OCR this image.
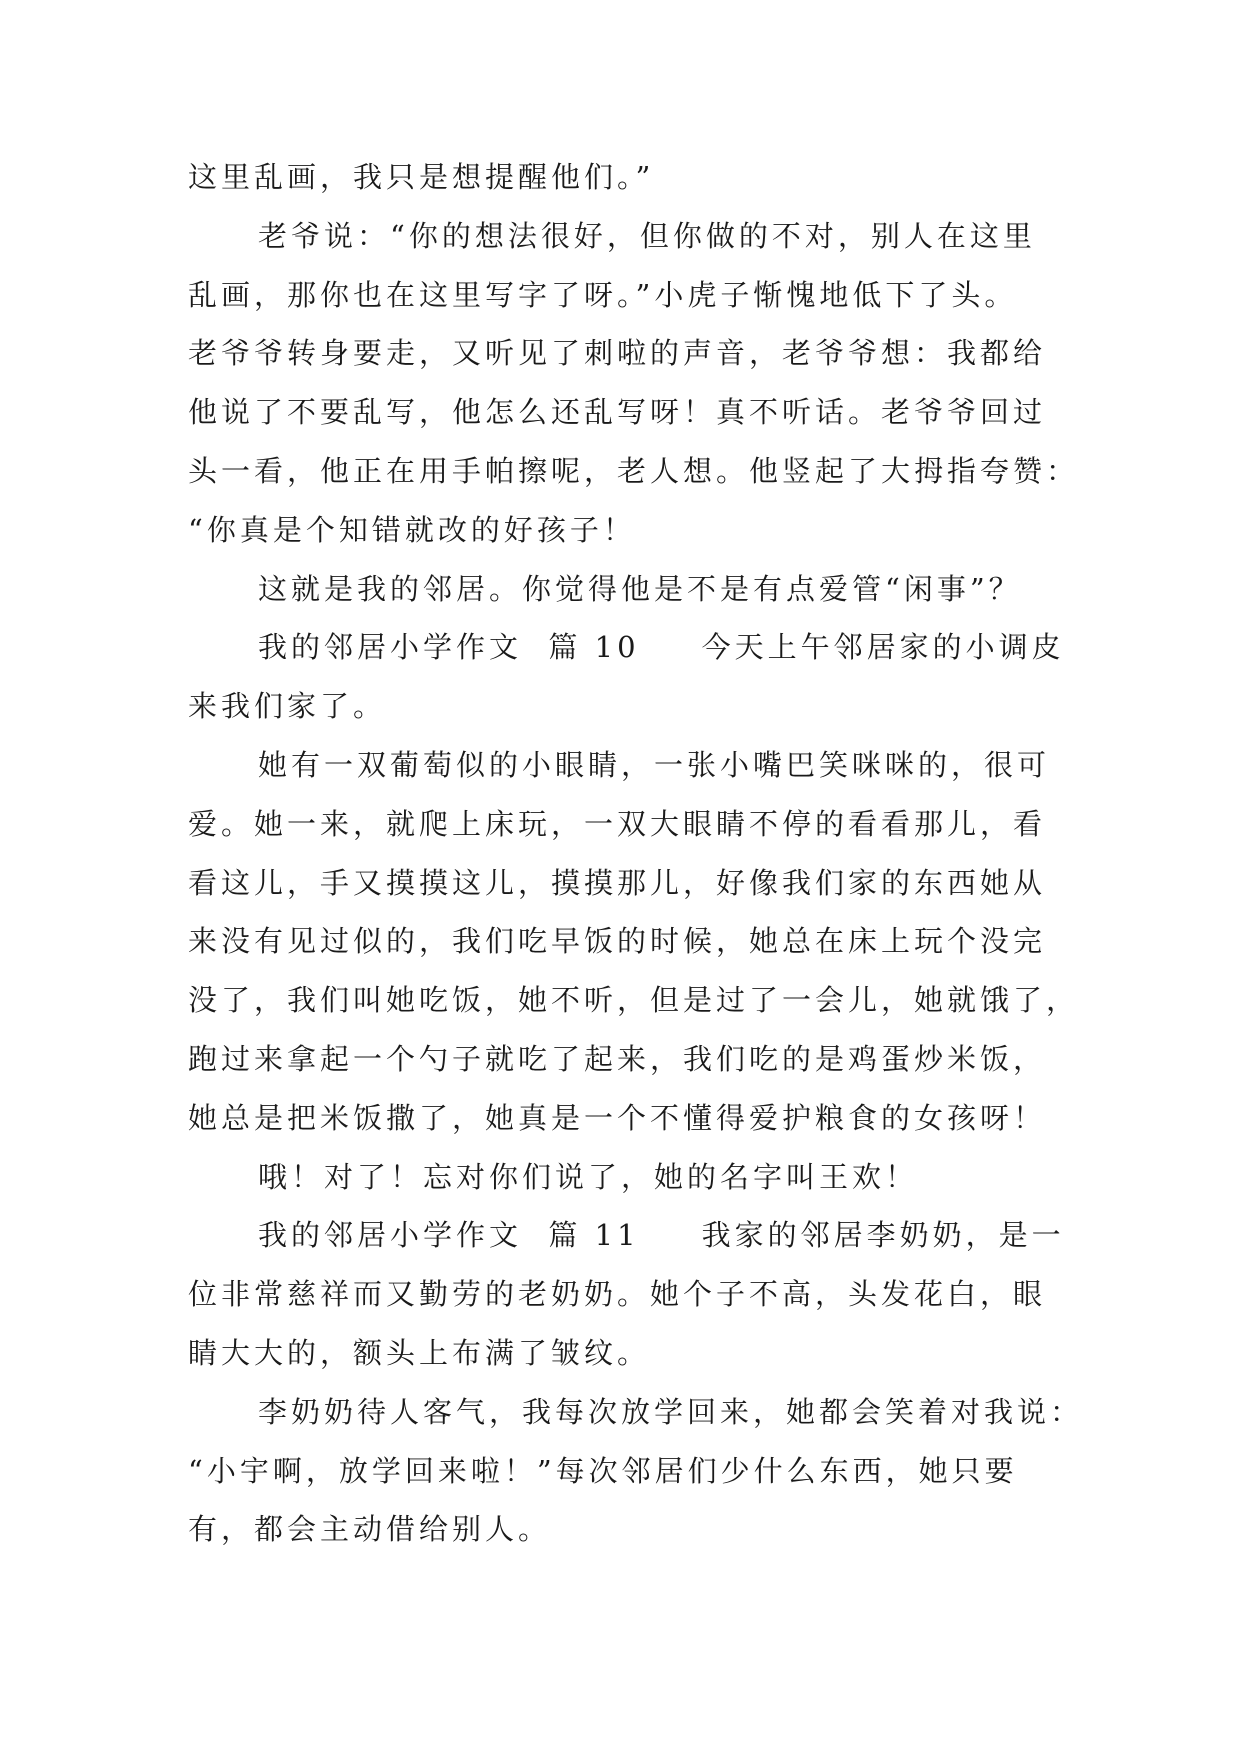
这里乱画，我只是想提醒他们。”
老爷说：“你的想法很好，但你做的不对，别人在这里
乱画，那你也在这里写字了呀。”小虎子惭愧地低下了头。
老爷爷转身要走，又听见了刺啦的声音，老爷爷想：我都给
他说了不要乱写，他怎么还乱写呀！真不听话。老爷爷回过
头一看，他正在用手帕擦呢，老人想。他竖起了大拇指夸赞：
“你真是个知错就改的好孩子！
这就是我的邻居。你觉得他是不是有点爱管“闲事”？
我的邻居小学作文  篇 10 今天上午邻居家的小调皮
来我们家了。
她有一双葡萄似的小眼睛，一张小嘴巴笑咪咪的，很可
爱。她一来，就爬上床玩，一双大眼睛不停的看看那儿，看
看这儿，手又摸摸这儿，摸摸那儿，好像我们家的东西她从
来没有见过似的，我们吃早饭的时候，她总在床上玩个没完
没了，我们叫她吃饭，她不听，但是过了一会儿，她就饿了，
跑过来拿起一个勺子就吃了起来，我们吃的是鸡蛋炒米饭，
她总是把米饭撒了，她真是一个不懂得爱护粮食的女孩呀！
哦！对了！忘对你们说了，她的名字叫王欢！
我的邻居小学作文  篇 11 我家的邻居李奶奶，是一
位非常慈祥而又勤劳的老奶奶。她个子不高，头发花白，眼
睛大大的，额头上布满了皱纹。
李奶奶待人客气，我每次放学回来，她都会笑着对我说：
“小宇啊，放学回来啦！”每次邻居们少什么东西，她只要
有，都会主动借给别人。
